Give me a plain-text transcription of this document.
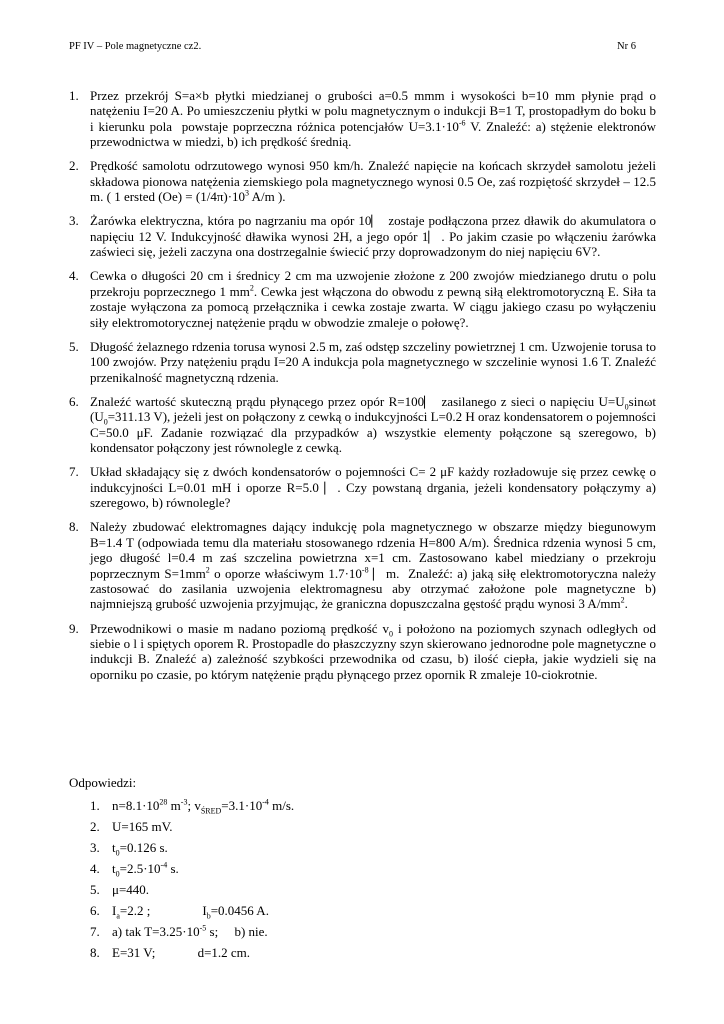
PF IV – Pole magnetyczne cz2.	Nr 6
1. Przez przekrój S=a×b płytki miedzianej o grubości a=0.5 mmm i wysokości b=10 mm płynie prąd o natężeniu I=20 A. Po umieszczeniu płytki w polu magnetycznym o indukcji B=1 T, prostopadłym do boku b i kierunku pola  powstaje poprzeczna różnica potencjałów $U=3.1\cdot 10^{-6}$ V. Znaleźć: a) stężenie elektronów przewodnictwa w miedzi, b) ich prędkość średnią.
2. Prędkość samolotu odrzutowego wynosi 950 km/h. Znaleźć napięcie na końcach skrzydeł samolotu jeżeli składowa pionowa natężenia ziemskiego pola magnetycznego wynosi 0.5 Oe, zaś rozpiętość skrzydeł – 12.5 m. ( 1 ersted $(Oe) = (1/4\pi)\cdot 10^3$ A/m ).
3. Żarówka elektryczna, która po nagrzaniu ma opór 10⎸ zostaje podłączona przez dławik do akumulatora o napięciu 12 V. Indukcyjność dławika wynosi 2H, a jego opór 1⎸. Po jakim czasie po włączeniu żarówka zaświeci się, jeżeli zaczyna ona dostrzegalnie świecić przy doprowadzonym do niej napięciu 6V?.
4. Cewka o długości 20 cm i średnicy 2 cm ma uzwojenie złożone z 200 zwojów miedzianego drutu o polu przekroju poprzecznego 1 $mm^2$. Cewka jest włączona do obwodu z pewną siłą elektromotoryczną E. Siła ta zostaje wyłączona za pomocą przełącznika i cewka zostaje zwarta. W ciągu jakiego czasu po wyłączeniu siły elektromotorycznej natężenie prądu w obwodzie zmaleje o połowę?.
5. Długość żelaznego rdzenia torusa wynosi 2.5 m, zaś odstęp szczeliny powietrznej 1 cm. Uzwojenie torusa to 100 zwojów. Przy natężeniu prądu I=20 A indukcja pola magnetycznego w szczelinie wynosi 1.6 T. Znaleźć przenikalność magnetyczną rdzenia.
6. Znaleźć wartość skuteczną prądu płynącego przez opór R=100⎸ zasilanego z sieci o napięciu $U=U_0\sin\omega t$ ($U_0=311.13$ V), jeżeli jest on połączony z cewką o indukcyjności L=0.2 H oraz kondensatorem o pojemności C=50.0 μF. Zadanie rozwiązać dla przypadków a) wszystkie elementy połączone są szeregowo, b) kondensator połączony jest równolegle z cewką.
7. Układ składający się z dwóch kondensatorów o pojemności C= 2 μF każdy rozładowuje się przez cewkę o indukcyjności L=0.01 mH i oporze R=5.0 ⎸. Czy powstaną drgania, jeżeli kondensatory połączymy a) szeregowo, b) równolegle?
8. Należy zbudować elektromagnes dający indukcję pola magnetycznego w obszarze między biegunowym B=1.4 T (odpowiada temu dla materiału stosowanego rdzenia H=800 A/m). Średnica rdzenia wynosi 5 cm, jego długość l=0.4 m zaś szczelina powietrzna x=1 cm. Zastosowano kabel miedziany o przekroju poprzecznym $S=1mm^2$ o oporze właściwym $1.7\cdot 10^{-8}$ ⎸m.  Znaleźć: a) jaką siłę elektromotoryczna należy zastosować do zasilania uzwojenia elektromagnesu aby otrzymać założone pole magnetyczne b) najmniejszą grubość uzwojenia przyjmując, że graniczna dopuszczalna gęstość prądu wynosi 3 $A/mm^2$.
9. Przewodnikowi o masie m nadano poziomą prędkość $v_0$ i położono na poziomych szynach odległych od siebie o l i spiętych oporem R. Prostopadle do płaszczyzny szyn skierowano jednorodne pole magnetyczne o indukcji B. Znaleźć a) zależność szybkości przewodnika od czasu, b) ilość ciepła, jakie wydzieli się na oporniku po czasie, po którym natężenie prądu płynącego przez opornik R zmaleje 10-ciokrotnie.
Odpowiedzi:
1. $n=8.1\cdot 10^{28}$ $m^{-3}$; $v_{ŚRED}=3.1\cdot 10^{-4}$ m/s.
2. U=165 mV.
3. $t_0=0.126$ s.
4. $t_0=2.5\cdot 10^{-4}$ s.
5. μ=440.
6. $I_a=2.2$ ;                $I_b=0.0456$ A.
7. a) tak $T=3.25\cdot 10^{-5}$ s;     b) nie.
8. E=31 V;             d=1.2 cm.
